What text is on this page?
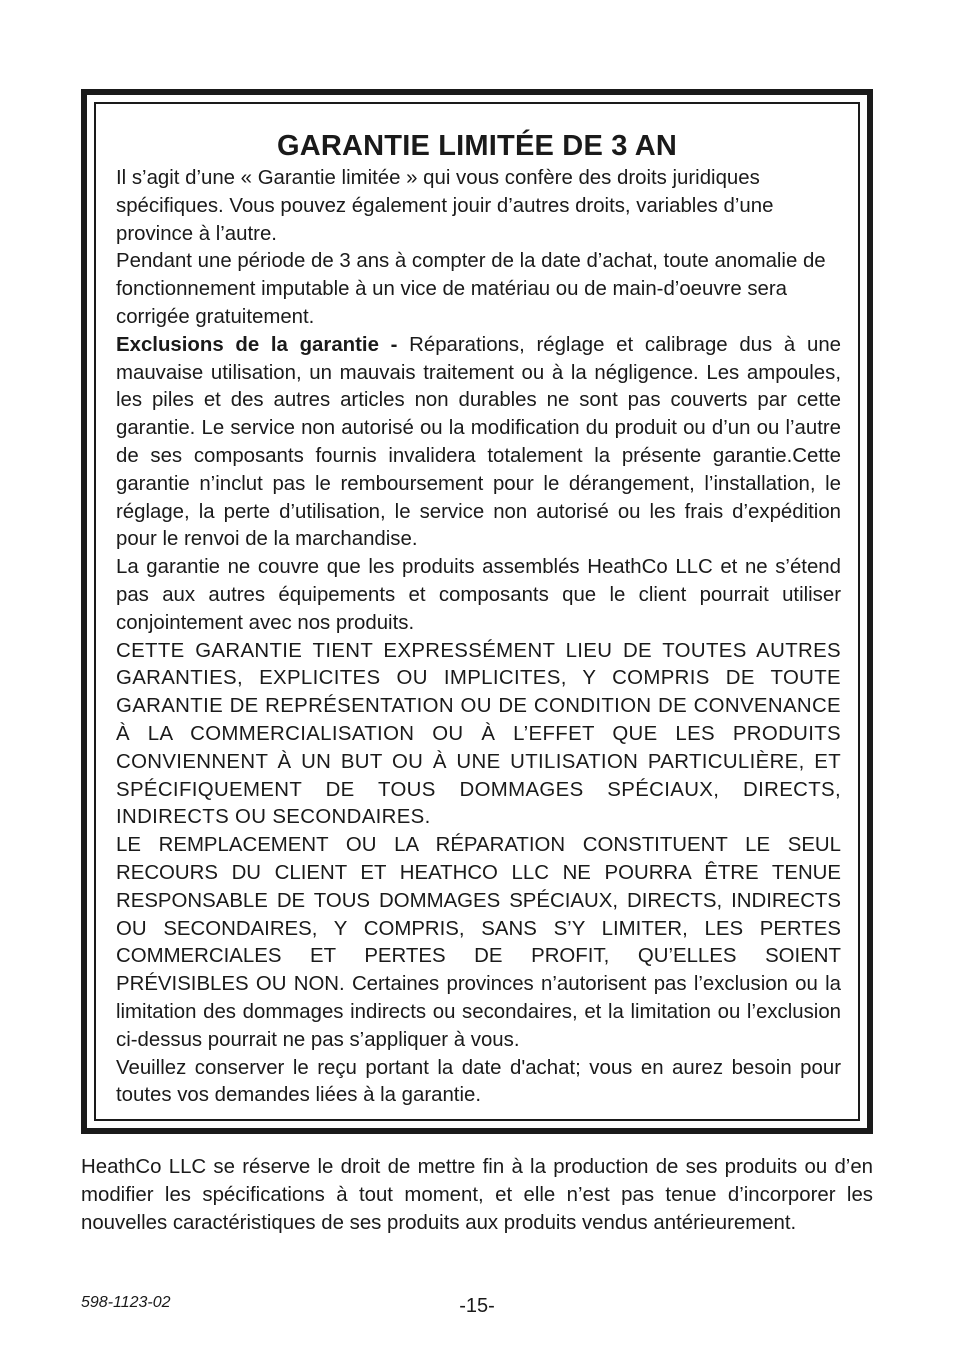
GARANTIE LIMITÉE DE 3 AN

Il s’agit d’une « Garantie limitée » qui vous confère des droits juridiques spécifiques. Vous pouvez également jouir d’autres droits, variables d’une province à l’autre.

Pendant une période de 3 ans à compter de la date d’achat, toute anomalie de fonctionnement imputable à un vice de matériau ou de main-d’oeuvre sera corrigée gratuitement.

Exclusions de la garantie - Réparations, réglage et calibrage dus à une mauvaise utilisation, un mauvais traitement ou à la négligence. Les ampoules, les piles et des autres articles non durables ne sont pas couverts par cette garantie. Le service non autorisé ou la modification du produit ou d’un ou l’autre de ses composants fournis invalidera totalement la présente garantie.Cette garantie n’inclut pas le remboursement pour le dérangement, l’installation, le réglage, la perte d’utilisation, le service non autorisé ou les frais d’expédition pour le renvoi de la marchandise.

La garantie ne couvre que les produits assemblés HeathCo LLC et ne s’étend pas aux autres équipements et composants que le client pourrait utiliser conjointement avec nos produits.

CETTE GARANTIE TIENT EXPRESSÉMENT LIEU DE TOUTES AUTRES GARANTIES, EXPLICITES OU IMPLICITES, Y COMPRIS DE TOUTE GARANTIE DE REPRÉSENTATION OU DE CONDITION DE CONVENANCE À LA COMMERCIALISATION OU À L’EFFET QUE LES PRODUITS CONVIENNENT À UN BUT OU À UNE UTILISATION PARTICULIÈRE, ET SPÉCIFIQUEMENT DE TOUS DOMMAGES SPÉCIAUX, DIRECTS, INDIRECTS OU SECONDAIRES.

LE REMPLACEMENT OU LA RÉPARATION CONSTITUENT LE SEUL RECOURS DU CLIENT ET HEATHCO LLC NE POURRA ÊTRE TENUE RESPONSABLE DE TOUS DOMMAGES SPÉCIAUX, DIRECTS, INDIRECTS OU SECONDAIRES, Y COMPRIS, SANS S’Y LIMITER, LES PERTES COMMERCIALES ET PERTES DE PROFIT, QU’ELLES SOIENT PRÉVISIBLES OU NON. Certaines provinces n’autorisent pas l’exclusion ou la limitation des dommages indirects ou secondaires, et la limitation ou l’exclusion ci-dessus pourrait ne pas s’appliquer à vous.

Veuillez conserver le reçu portant la date d'achat; vous en aurez besoin pour toutes vos demandes liées à la garantie.

HeathCo LLC se réserve le droit de mettre fin à la production de ses produits ou d’en modifier les spécifications à tout moment, et elle n’est pas tenue d’incorporer les nouvelles caractéristiques de ses produits aux produits vendus antérieurement.

598-1123-02	-15-
